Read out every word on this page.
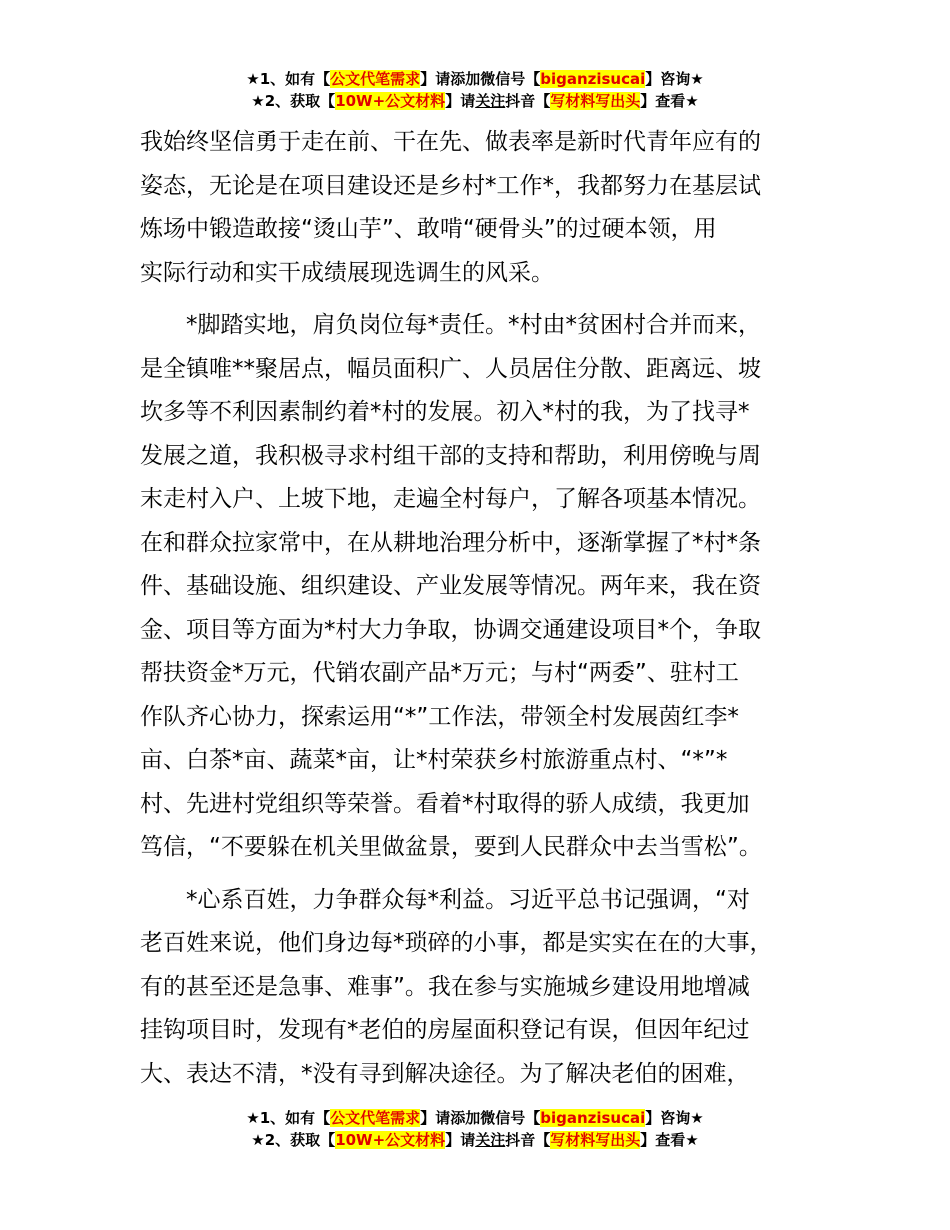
★1、如有【公文代笔需求】请添加微信号【biganzisucai】咨询★
★2、获取【10W+公文材料】请关注抖音【写材料写出头】查看★

我始终坚信勇于走在前、干在先、做表率是新时代青年应有的

姿态，无论是在项目建设还是乡村*工作*，我都努力在基层试

炼场中锻造敢接“烫山芋”、敢啃“硬骨头”的过硬本领，用

实际行动和实干成绩展现选调生的风采。

*脚踏实地，肩负岗位每*责任。*村由*贫困村合并而来，

是全镇唯**聚居点，幅员面积广、人员居住分散、距离远、坡

坎多等不利因素制约着*村的发展。初入*村的我，为了找寻*

发展之道，我积极寻求村组干部的支持和帮助，利用傍晚与周

末走村入户、上坡下地，走遍全村每户，了解各项基本情况。

在和群众拉家常中，在从耕地治理分析中，逐渐掌握了*村*条

件、基础设施、组织建设、产业发展等情况。两年来，我在资

金、项目等方面为*村大力争取，协调交通建设项目*个，争取

帮扶资金*万元，代销农副产品*万元；与村“两委”、驻村工

作队齐心协力，探索运用“*”工作法，带领全村发展茵红李*

亩、白茶*亩、蔬菜*亩，让*村荣获乡村旅游重点村、“*”*

村、先进村党组织等荣誉。看着*村取得的骄人成绩，我更加

笃信，“不要躲在机关里做盆景，要到人民群众中去当雪松”。

*心系百姓，力争群众每*利益。习近平总书记强调，“对

老百姓来说，他们身边每*琐碎的小事，都是实实在在的大事，

有的甚至还是急事、难事”。我在参与实施城乡建设用地增减

挂钩项目时，发现有*老伯的房屋面积登记有误，但因年纪过

大、表达不清，*没有寻到解决途径。为了解决老伯的困难，

★1、如有【公文代笔需求】请添加微信号【biganzisucai】咨询★
★2、获取【10W+公文材料】请关注抖音【写材料写出头】查看★
